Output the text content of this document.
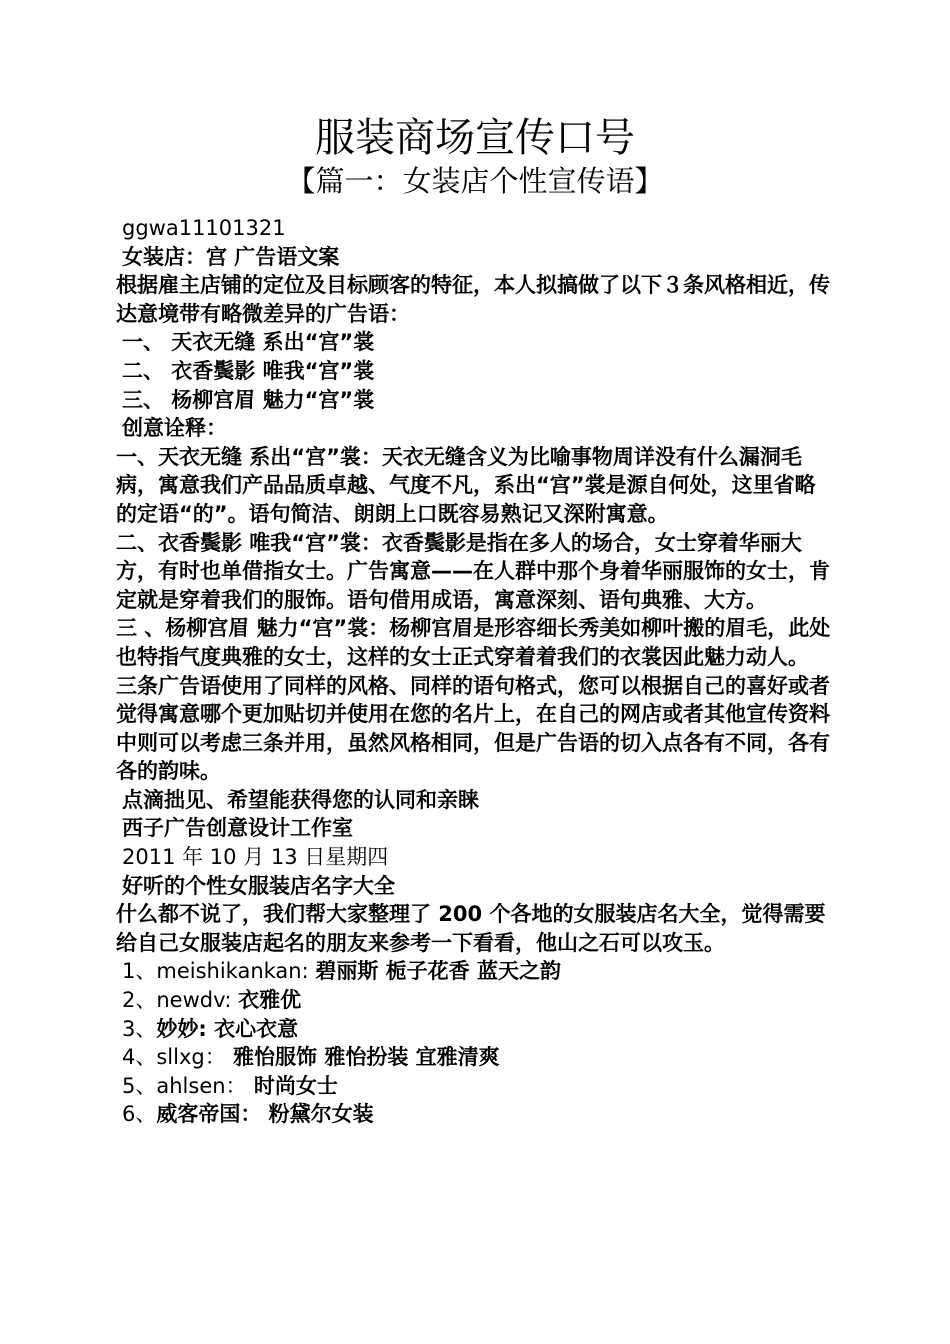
服装商场宣传口号
【篇一：女装店个性宣传语】

ggwa11101321

女装店：宫 广告语文案

根据雇主店铺的定位及目标顾客的特征，本人拟搞做了以下３条风格相近，传达意境带有略微差异的广告语：

一、 天衣无缝 系出“宫”裳

二、 衣香鬓影 唯我“宫”裳

三、 杨柳宫眉 魅力“宫”裳

创意诠释：

一、天衣无缝 系出“宫”裳：天衣无缝含义为比喻事物周详没有什么漏洞毛病，寓意我们产品品质卓越、气度不凡，系出“宫”裳是源自何处，这里省略的定语“的”。语句简洁、朗朗上口既容易熟记又深附寓意。

二、衣香鬓影 唯我“宫”裳：衣香鬓影是指在多人的场合，女士穿着华丽大方，有时也单借指女士。广告寓意——在人群中那个身着华丽服饰的女士，肯定就是穿着我们的服饰。语句借用成语，寓意深刻、语句典雅、大方。

三 、杨柳宫眉 魅力“宫”裳：杨柳宫眉是形容细长秀美如柳叶搬的眉毛，此处也特指气度典雅的女士，这样的女士正式穿着着我们的衣裳因此魅力动人。

三条广告语使用了同样的风格、同样的语句格式，您可以根据自己的喜好或者觉得寓意哪个更加贴切并使用在您的名片上，在自己的网店或者其他宣传资料中则可以考虑三条并用，虽然风格相同，但是广告语的切入点各有不同，各有各的韵味。

点滴拙见、希望能获得您的认同和亲睐

西子广告创意设计工作室

2011 年 10 月 13 日星期四

好听的个性女服装店名字大全

什么都不说了，我们帮大家整理了 200 个各地的女服装店名大全，觉得需要给自己女服装店起名的朋友来参考一下看看，他山之石可以攻玉。

1、meishikankan: 碧丽斯 栀子花香 蓝天之韵
2、newdv: 衣雅优
3、妙妙: 衣心衣意
4、sllxg： 雅怡服饰 雅怡扮装 宜雅清爽
5、ahlsen： 时尚女士
6、威客帝国： 粉黛尔女装
